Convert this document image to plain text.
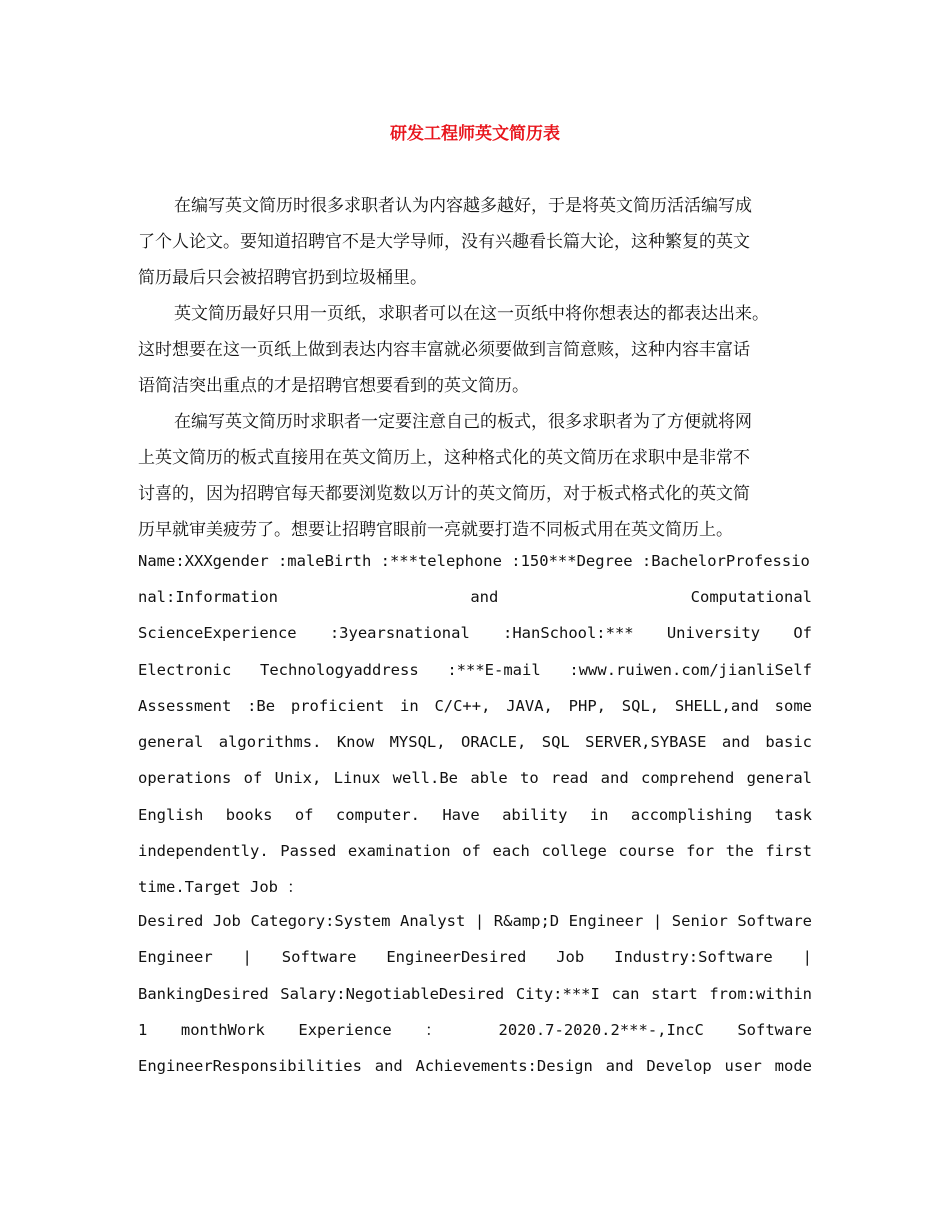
研发工程师英文简历表
在编写英文简历时很多求职者认为内容越多越好，于是将英文简历活活编写成
了个人论文。要知道招聘官不是大学导师，没有兴趣看长篇大论，这种繁复的英文
简历最后只会被招聘官扔到垃圾桶里。
英文简历最好只用一页纸，求职者可以在这一页纸中将你想表达的都表达出来。
这时想要在这一页纸上做到表达内容丰富就必须要做到言简意赅，这种内容丰富话
语简洁突出重点的才是招聘官想要看到的英文简历。
在编写英文简历时求职者一定要注意自己的板式，很多求职者为了方便就将网
上英文简历的板式直接用在英文简历上，这种格式化的英文简历在求职中是非常不
讨喜的，因为招聘官每天都要浏览数以万计的英文简历，对于板式格式化的英文简
历早就审美疲劳了。想要让招聘官眼前一亮就要打造不同板式用在英文简历上。
Name:XXXgender :maleBirth :***telephone :150***Degree :BachelorProfessio
nal:Information and Computational
ScienceExperience :3yearsnational :HanSchool:*** University Of
Electronic Technologyaddress :***E-mail :www.ruiwen.com/jianliSelf
Assessment :Be proficient in C/C++, JAVA, PHP, SQL, SHELL,and some
general algorithms. Know MYSQL, ORACLE, SQL SERVER,SYBASE and basic
operations of Unix, Linux well.Be able to read and comprehend general
English books of computer. Have ability in accomplishing task
independently. Passed examination of each college course for the first
time.Target Job ：
Desired Job Category:System Analyst | R&amp;D Engineer | Senior Software
Engineer | Software EngineerDesired Job Industry:Software |
BankingDesired Salary:NegotiableDesired City:***I can start from:within
1 monthWork Experience ： 2020.7-2020.2***-,IncC Software
EngineerResponsibilities and Achievements:Design and Develop user mode
